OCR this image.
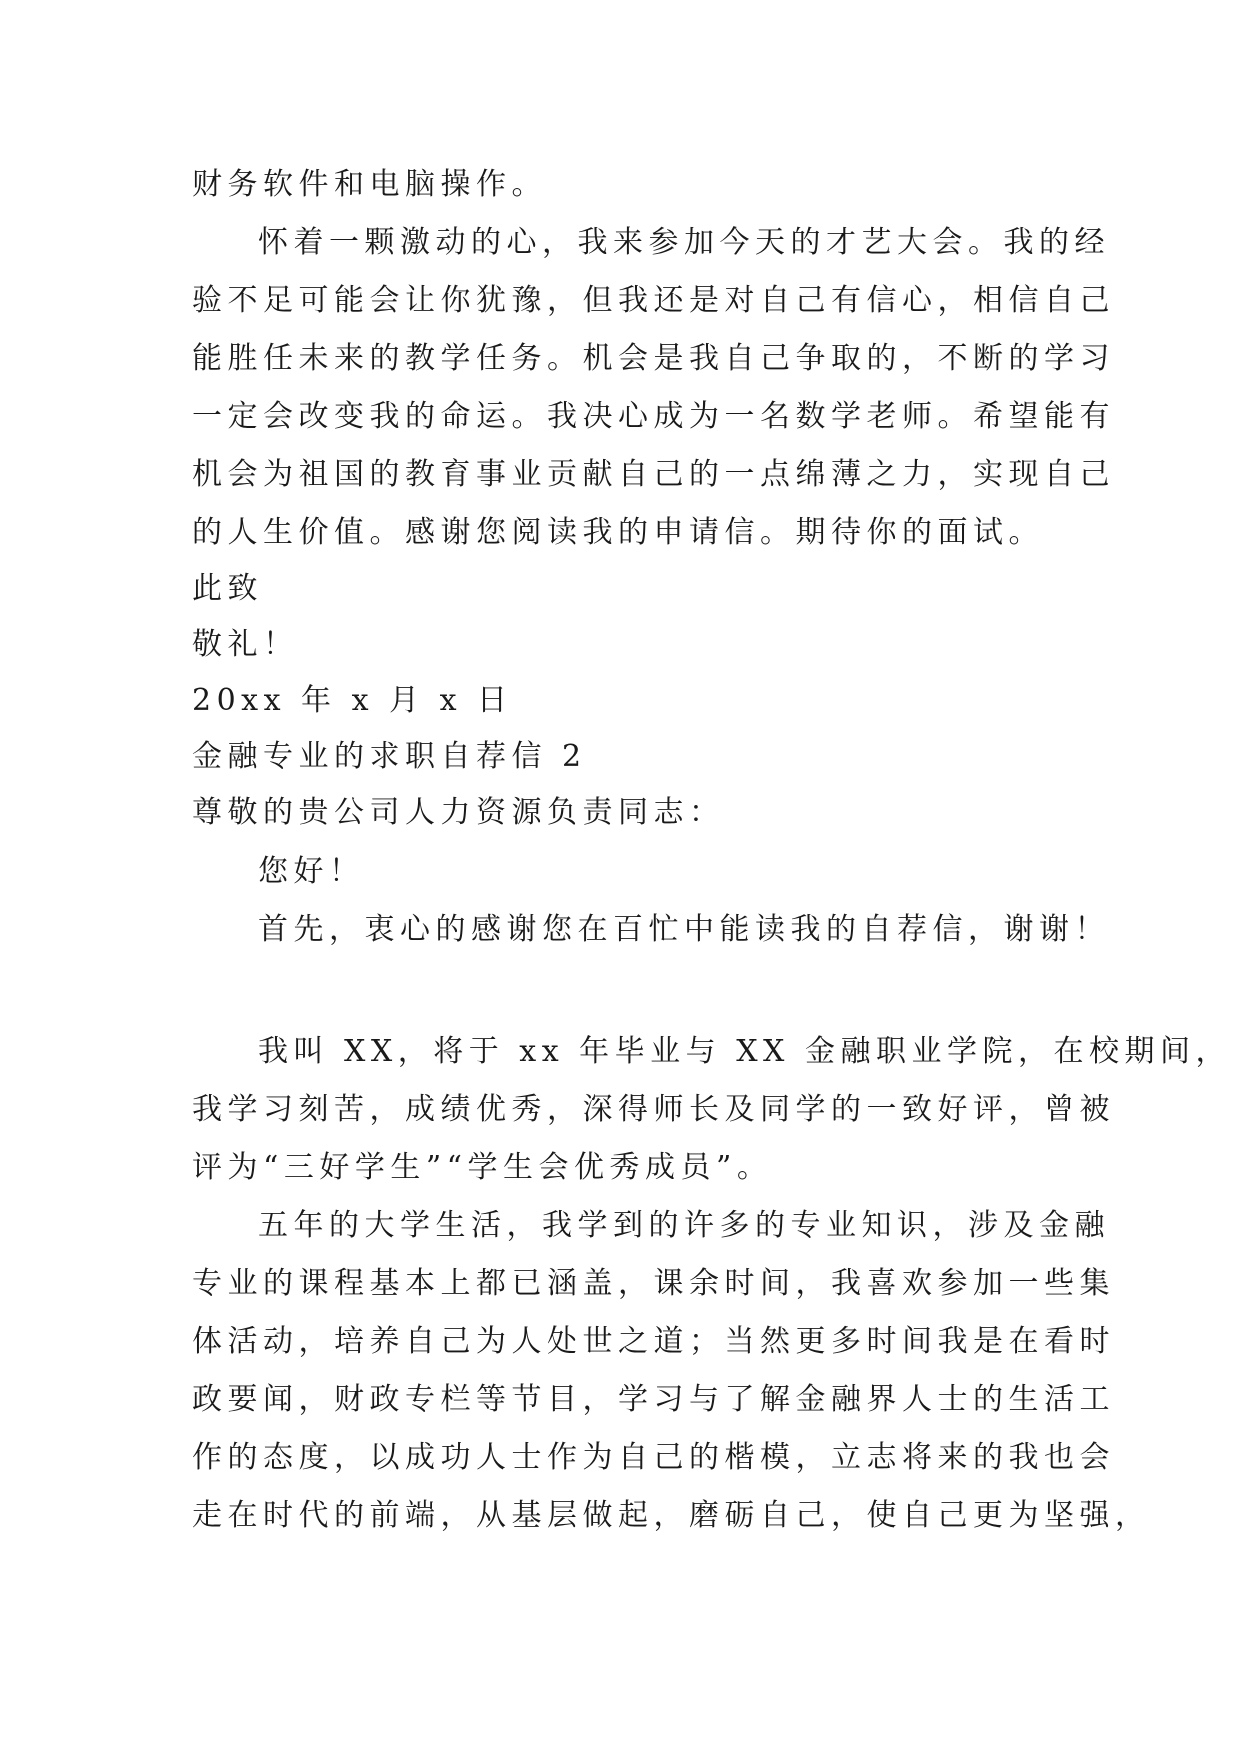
财务软件和电脑操作。
怀着一颗激动的心，我来参加今天的才艺大会。我的经
验不足可能会让你犹豫，但我还是对自己有信心，相信自己
能胜任未来的教学任务。机会是我自己争取的，不断的学习
一定会改变我的命运。我决心成为一名数学老师。希望能有
机会为祖国的教育事业贡献自己的一点绵薄之力，实现自己
的人生价值。感谢您阅读我的申请信。期待你的面试。
此致
敬礼！
20xx 年 x 月 x 日
金融专业的求职自荐信 2
尊敬的贵公司人力资源负责同志：
您好！
首先，衷心的感谢您在百忙中能读我的自荐信，谢谢！
我叫 XX，将于 xx 年毕业与 XX 金融职业学院，在校期间，
我学习刻苦，成绩优秀，深得师长及同学的一致好评，曾被
评为“三好学生”“学生会优秀成员”。
五年的大学生活，我学到的许多的专业知识，涉及金融
专业的课程基本上都已涵盖，课余时间，我喜欢参加一些集
体活动，培养自己为人处世之道；当然更多时间我是在看时
政要闻，财政专栏等节目，学习与了解金融界人士的生活工
作的态度，以成功人士作为自己的楷模，立志将来的我也会
走在时代的前端，从基层做起，磨砺自己，使自己更为坚强，
